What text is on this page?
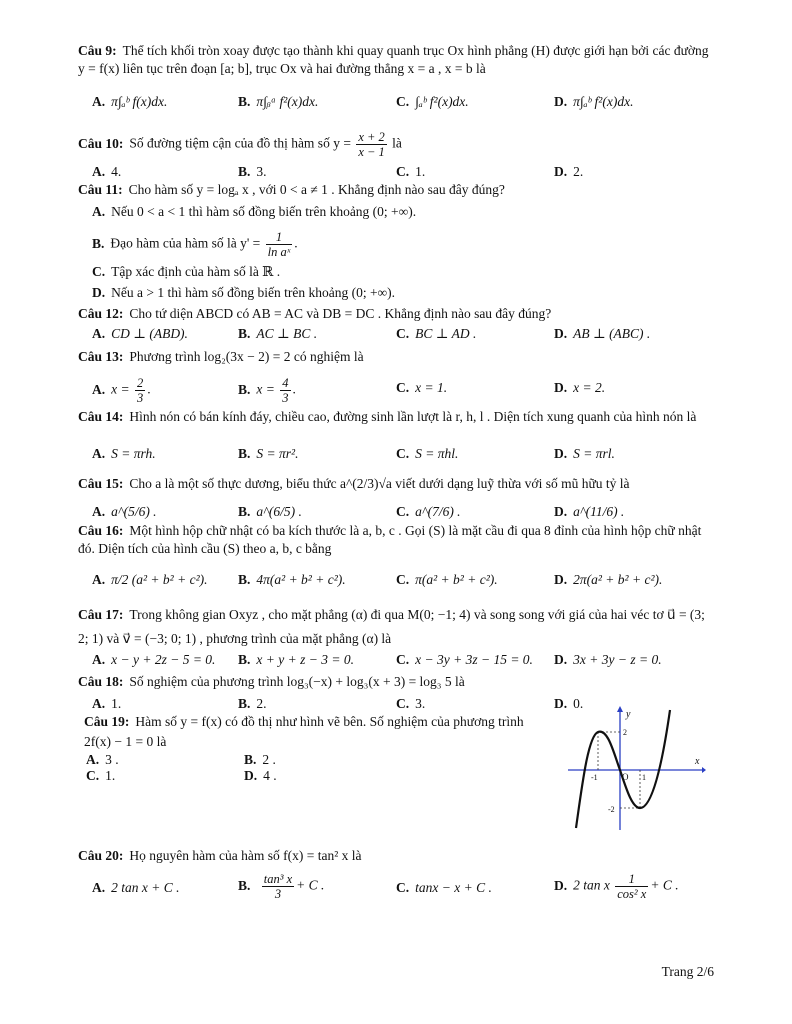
Câu 9: Thể tích khối tròn xoay được tạo thành khi quay quanh trục Ox hình phẳng (H) được giới hạn bởi các đường y = f(x) liên tục trên đoạn [a; b], trục Ox và hai đường thẳng x = a , x = b là
A. π∫ₐᵇ f(x)dx.	B. π∫ᵦᵃ f²(x)dx.	C. ∫ₐᵇ f²(x)dx.	D. π∫ₐᵇ f²(x)dx.
Câu 10: Số đường tiệm cận của đồ thị hàm số $y = \frac{x + 2}{x - 1}$ là
A. 4.	B. 3.	C. 1.	D. 2.
Câu 11: Cho hàm số y = logₐ x , với 0 < a ≠ 1 . Khẳng định nào sau đây đúng?
A. Nếu 0 < a < 1 thì hàm số đồng biến trên khoảng (0; +∞).
B. Đạo hàm của hàm số là $y' = \frac{1}{\text{ln aˣ}}$ .
C. Tập xác định của hàm số là ℝ .
D. Nếu a > 1 thì hàm số đồng biến trên khoảng (0; +∞).
Câu 12: Cho tứ diện ABCD có AB = AC và DB = DC . Khẳng định nào sau đây đúng?
A. CD ⊥ (ABD).	B. AC ⊥ BC .	C. BC ⊥ AD .	D. AB ⊥ (ABC) .
Câu 13: Phương trình log₂(3x − 2) = 2 có nghiệm là
A. $x = \frac{2}{3}$ .	B. $x = \frac{4}{3}$ .	C. x = 1.	D. x = 2.
Câu 14: Hình nón có bán kính đáy, chiều cao, đường sinh lần lượt là r, h, l . Diện tích xung quanh của hình nón là
A. S = πrh.	B. S = πr².	C. S = πhl.	D. S = πrl.
Câu 15: Cho a là một số thực dương, biểu thức a^(2/3)√a viết dưới dạng luỹ thừa với số mũ hữu tỷ là
A. a^(5/6) .	B. a^(6/5) .	C. a^(7/6) .	D. a^(11/6) .
Câu 16: Một hình hộp chữ nhật có ba kích thước là a, b, c . Gọi (S) là mặt cầu đi qua 8 đỉnh của hình hộp chữ nhật đó. Diện tích của hình cầu (S) theo a, b, c bằng
A. π/2 (a² + b² + c²). B. 4π(a² + b² + c²).	C. π(a² + b² + c²).	D. 2π(a² + b² + c²).
Câu 17: Trong không gian Oxyz , cho mặt phẳng (α) đi qua M(0; −1; 4) và song song với giá của hai véc tơ u⃗ = (3; 2; 1) và v⃗ = (−3; 0; 1) , phương trình của mặt phẳng (α) là
A. x − y + 2z − 5 = 0. B. x + y + z − 3 = 0.	C. x − 3y + 3z − 15 = 0. D. 3x + 3y − z = 0.
Câu 18: Số nghiệm của phương trình log₃(−x) + log₃(x + 3) = log₃ 5 là
A. 1.	B. 2.	C. 3.	D. 0.
Câu 19: Hàm số y = f(x) có đồ thị như hình vẽ bên. Số nghiệm của phương trình 2f(x) − 1 = 0 là
A. 3 .	B. 2 .
C. 1.	D. 4 .
y
x
O
2
-1	1
-2
Câu 20: Họ nguyên hàm của hàm số f(x) = tan² x là
A. 2 tan x + C .	B. $\frac{\text{tan³ x}}{3} + C$ .	C. tanx − x + C .	D. 2 tan x $\frac{1}{\text{cos² x}} + C$ .
Trang 2/6
